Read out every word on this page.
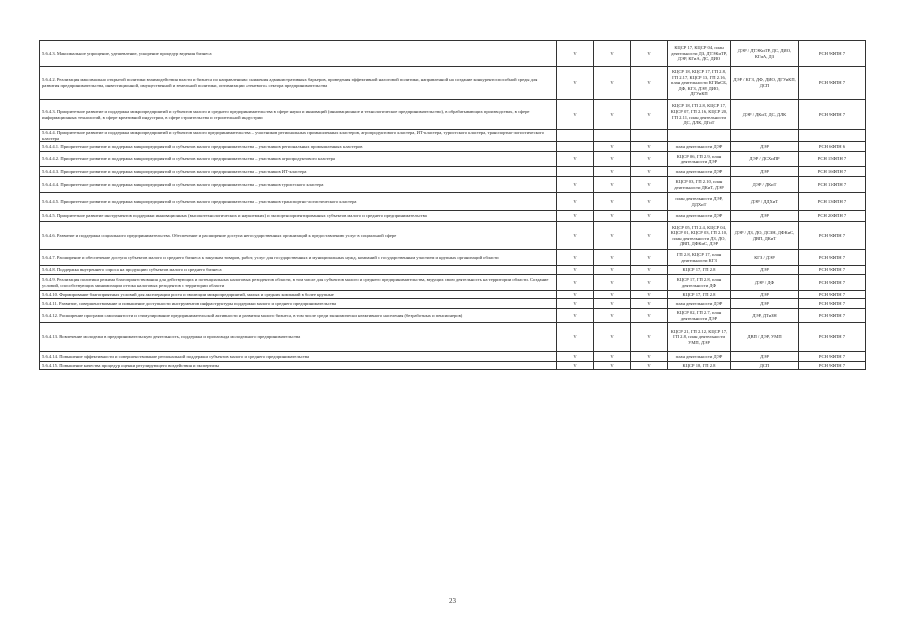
5.6.4.3. Максимальное упрощение, удешевление, ускорение процедур ведения бизнеса	V	V	V	КЦСР 17, КЦСР 04, план деятельности ДЗ, ДТЭКиТР, ДЭР, КГиА, ДС, ДИО	ДЭР / ДТЭКиТР, ДС, ДИО, КГиА, ДЗ	РСН 9ФПН 7
5.6.4.2. Реализация максимально открытой политики взаимодействия власти и бизнеса по направлениям: снижения административных барьеров, проведения эффективной налоговой политики, направленной на создание конкурентоспособной среды для развития предпринимательства, инвестиционной, имущественной и земельной политики, оптимизации «теневого» сектора предпринимательства	V	V	V	КЦСР 18, КЦСР 17, ГП 2.8, ГП 2.17, КЦСР 13, ГП 2.16, план деятельности КГИиСБ, ДФ, КГЗ, ДЭР, ДИО, ДГУиКП	ДЭР / КГЗ, ДФ, ДИО, ДГУиКП, ДСП	РСН 9ФПН 7
5.6.4.3. Приоритетное развитие и поддержка микропредприятий и субъектов малого и среднего предпринимательства в сфере науки и инноваций (инновационное и технологическое предпринимательство), в обрабатывающих производствах, в сфере информационных технологий, в сфере креативной индустрии, в сфере строительства и строительной индустрии	V	V	V	КЦСР 18, ГП 2.8, КЦСР 17, КЦСР 07, ГП 2.16, КЦСР 20, ГП 2.11, план деятельности ДС, ДЛК, ДГиТ	ДЭР / ДКиТ, ДС, ДЛК	РСН 9ФПН 7
5.6.4.4. Приоритетное развитие и поддержка микропредприятий и субъектов малого предпринимательства – участников региональных промышленных кластеров, агропродуктового кластера, ИТ-кластера, туристского кластера, транспортно-логистического кластера						
5.6.4.4.1. Приоритетное развитие и поддержка микропредприятий и субъектов малого предпринимательства – участников региональных промышленных кластеров		V	V	план деятельности ДЭР	ДЭР	РСН 6ФПН 6
5.6.4.4.2. Приоритетное развитие и поддержка микропредприятий и субъектов малого предпринимательства – участников агропродуктового кластера	V	V	V	КЦСР 06, ГП 2.9, план деятельности ДЭР	ДЭР / ДСХиПР	РСН 15ФПН 7
5.6.4.4.3. Приоритетное развитие и поддержка микропредприятий и субъектов малого предпринимательства – участников ИТ-кластера		V	V	план деятельности ДЭР	ДЭР	РСН 16ФПН 7
5.6.4.4.4. Приоритетное развитие и поддержка микропредприятий и субъектов малого предпринимательства – участников туристского кластера	V	V	V	КЦСР 03, ГП 2.10, план деятельности ДКиТ, ДЭР	ДЭР / ДКиТ	РСН 11ФПН 7
5.6.4.4.5. Приоритетное развитие и поддержка микропредприятий и субъектов малого предпринимательства – участников транспортно-логистического кластера	V	V	V	план деятельности ДЭР, ДДХиТ	ДЭР / ДДХиТ	РСН 13ФПН 7
5.6.4.5. Приоритетное развитие инструментов поддержки инновационных (высокотехнологических и наукоемких) и экспортноориентированных субъектов малого и среднего предпринимательства	V	V	V	план деятельности ДЭР	ДЭР	РСН 20ФПН 7
5.6.4.6. Развитие и поддержка социального предпринимательства. Обеспечение и расширение доступа негосударственных организаций к предоставлению услуг в социальной сфере	V	V	V	КЦСР 05, ГП 2.4, КЦСР 04, КЦСР 01, КЦСР 03, ГП 2.10, план деятельности ДЗ, ДО, ДВП, ДФКиС, ДЭР	ДЭР / ДЗ, ДО, ДСЗН, ДФКиС, ДВП, ДКиТ	РСН 9ФПН 7
5.6.4.7. Расширение и обеспечение доступа субъектов малого и среднего бизнеса к закупкам товаров, работ, услуг для государственных и муниципальных нужд, компаний с государственным участием и крупных организаций области	V	V	V	ГП 2.8, КЦСР 17, план деятельности КГЗ	КГЗ / ДЭР	РСН 9ФПН 7
5.6.4.8. Поддержка внутреннего спроса на продукцию субъектов малого и среднего бизнеса	V	V	V	КЦСР 17, ГП 2.8	ДЭР	РСН 9ФПН 7
5.6.4.9. Реализация политики режима благоприятствования для действующих и потенциальных налоговых резидентов области, в том числе для субъектов малого и среднего предпринимательства, ведущих свою деятельность на территории области. Создание условий, способствующих минимизации оттока налоговых резидентов с территории области	V	V	V	КЦСР 17, ГП 2.8, план деятельности ДФ	ДЭР / ДФ	РСН 9ФПН 7
5.6.4.10. Формирование благоприятных условий для акселерации роста и эволюции микропредприятий, малых и средних компаний в более крупные	V	V	V	КЦСР 17, ГП 2.8	ДЭР	РСН 9ФПН 7
5.6.4.11. Развитие, совершенствование и повышение доступности инструментов инфраструктуры поддержки малого и среднего предпринимательства	V	V	V	план деятельности ДЭР	ДЭР	РСН 9ФПН 7
5.6.4.12. Расширение программ самозанятости и стимулирование предпринимательской активности и развития малого бизнеса, в том числе среди экономически неактивного населения (безработных и пенсионеров)	V	V	V	КЦСР 02, ГП 2.7, план деятельности ДЭР	ДЭР, ДТиЗН	РСН 9ФПН 7
5.6.4.13. Вовлечение молодежи в предпринимательскую деятельность, поддержка и пропаганда молодежного предпринимательства	V	V	V	КЦСР 21, ГП 2.12, КЦСР 17, ГП 2.8, план деятельности УМП, ДЭР	ДВП / ДЭР, УМП	РСН 9ФПН 7
5.6.4.14. Повышение эффективности и совершенствование региональной поддержки субъектов малого и среднего предпринимательства	V	V	V	план деятельности ДЭР	ДЭР	РСН 9ФПН 7
5.6.4.15. Повышение качества процедур оценки регулирующего воздействия и экспертизы	V	V	V	КЦСР 18, ГП 2.8	ДСП	РСН 9ФПН 7
23
